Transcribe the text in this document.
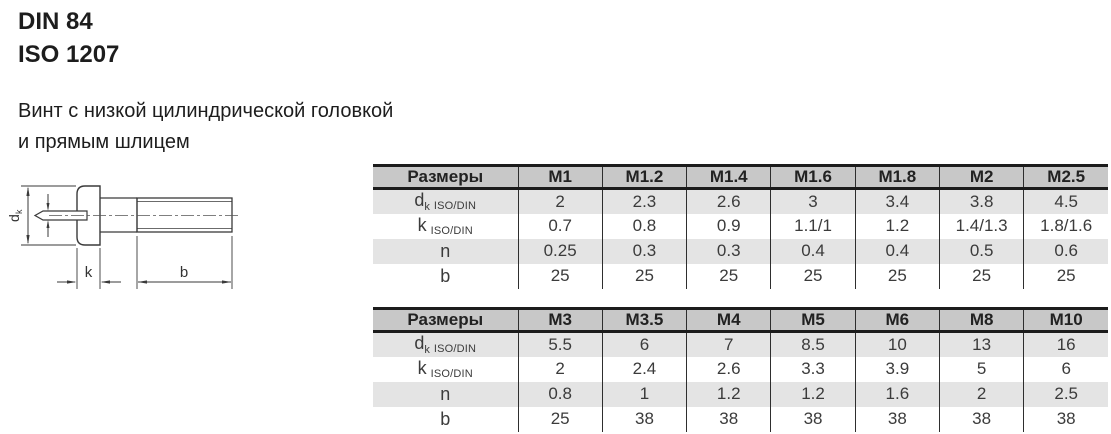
DIN 84
ISO 1207
Винт с низкой цилиндрической головкой
и прямым шлицем
d
k
k	b
Размеры	M1	M1.2	M1.4	M1.6	M1.8	M2	M2.5
$d_k$ ISO/DIN	2	2.3	2.6	3	3.4	3.8	4.5
k ISO/DIN	0.7	0.8	0.9	1.1/1	1.2	1.4/1.3	1.8/1.6
n	0.25	0.3	0.3	0.4	0.4	0.5	0.6
b	25	25	25	25	25	25	25
Размеры	M3	M3.5	M4	M5	M6	M8	M10
$d_k$ ISO/DIN	5.5	6	7	8.5	10	13	16
k ISO/DIN	2	2.4	2.6	3.3	3.9	5	6
n	0.8	1	1.2	1.2	1.6	2	2.5
b	25	38	38	38	38	38	38
